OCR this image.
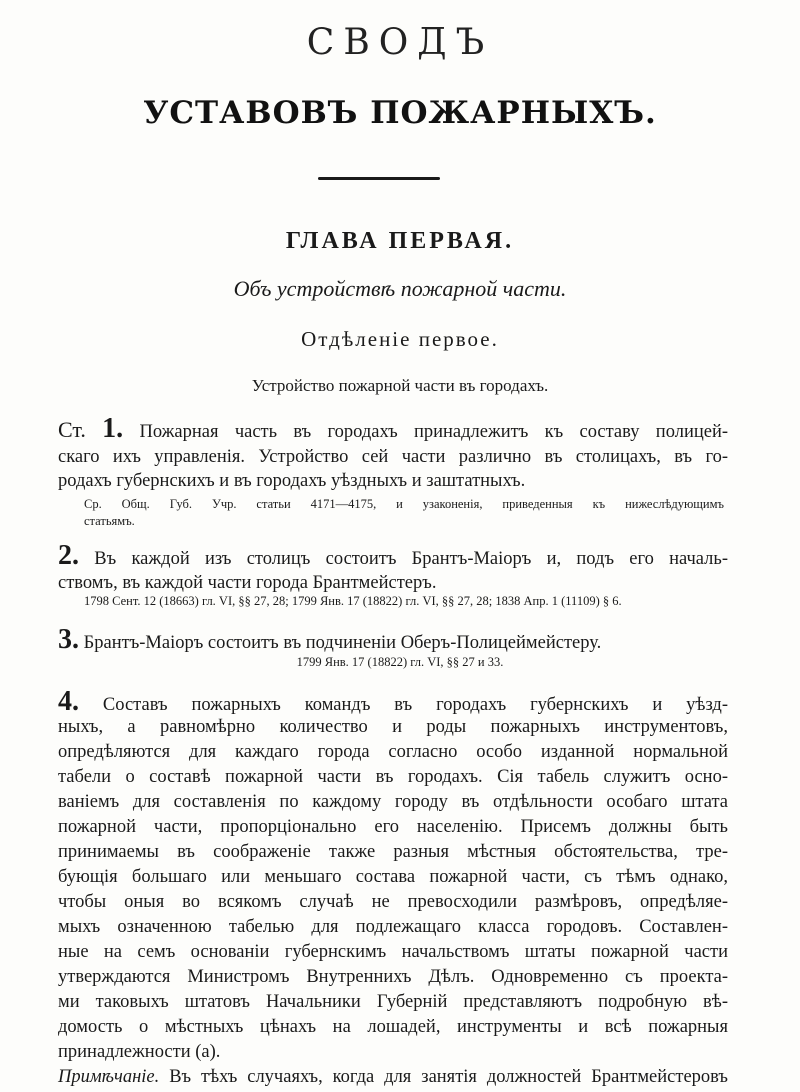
СВОДЪ
УСТАВОВЪ ПОЖАРНЫХЪ.
ГЛАВА ПЕРВАЯ.
Объ устройствѣ пожарной части.
Отдѣленіе первое.
Устройство пожарной части въ городахъ.
Ст. 1. Пожарная часть въ городахъ принадлежитъ къ составу полицей-
скаго ихъ управленія. Устройство сей части различно въ столицахъ, въ го-
родахъ губернскихъ и въ городахъ уѣздныхъ и заштатныхъ.
Ср. Общ. Губ. Учр. статьи 4171—4175, и узаконенія, приведенныя къ нижеслѣдующимъ
статьямъ.
2. Въ каждой изъ столицъ состоитъ Брантъ-Маіоръ и, подъ его началь-
ствомъ, въ каждой части города Брантмейстеръ.
1798 Сент. 12 (18663) гл. VI, §§ 27, 28; 1799 Янв. 17 (18822) гл. VI, §§ 27, 28; 1838 Апр. 1 (11109) § 6.
3. Брантъ-Маіоръ состоитъ въ подчиненіи Оберъ-Полицеймейстеру.
1799 Янв. 17 (18822) гл. VI, §§ 27 и 33.
4. Составъ пожарныхъ командъ въ городахъ губернскихъ и уѣзд-
ныхъ, а равномѣрно количество и роды пожарныхъ инструментовъ,
опредѣляются для каждаго города согласно особо изданной нормальной
табели о составѣ пожарной части въ городахъ. Сія табель служитъ осно-
ваніемъ для составленія по каждому городу въ отдѣльности особаго штата
пожарной части, пропорціонально его населенію. Присемъ должны быть
принимаемы въ соображеніе также разныя мѣстныя обстоятельства, тре-
бующія большаго или меньшаго состава пожарной части, съ тѣмъ однако,
чтобы оныя во всякомъ случаѣ не превосходили размѣровъ, опредѣляе-
мыхъ означенною табелью для подлежащаго класса городовъ. Составлен-
ные на семъ основаніи губернскимъ начальствомъ штаты пожарной части
утверждаются Министромъ Внутреннихъ Дѣлъ. Одновременно съ проекта-
ми таковыхъ штатовъ Начальники Губерній представляютъ подробную вѣ-
домость о мѣстныхъ цѣнахъ на лошадей, инструменты и всѣ пожарныя
принадлежности (а).
Примѣчаніе. Въ тѣхъ случаяхъ, когда для занятія должностей Брантмейстеровъ
